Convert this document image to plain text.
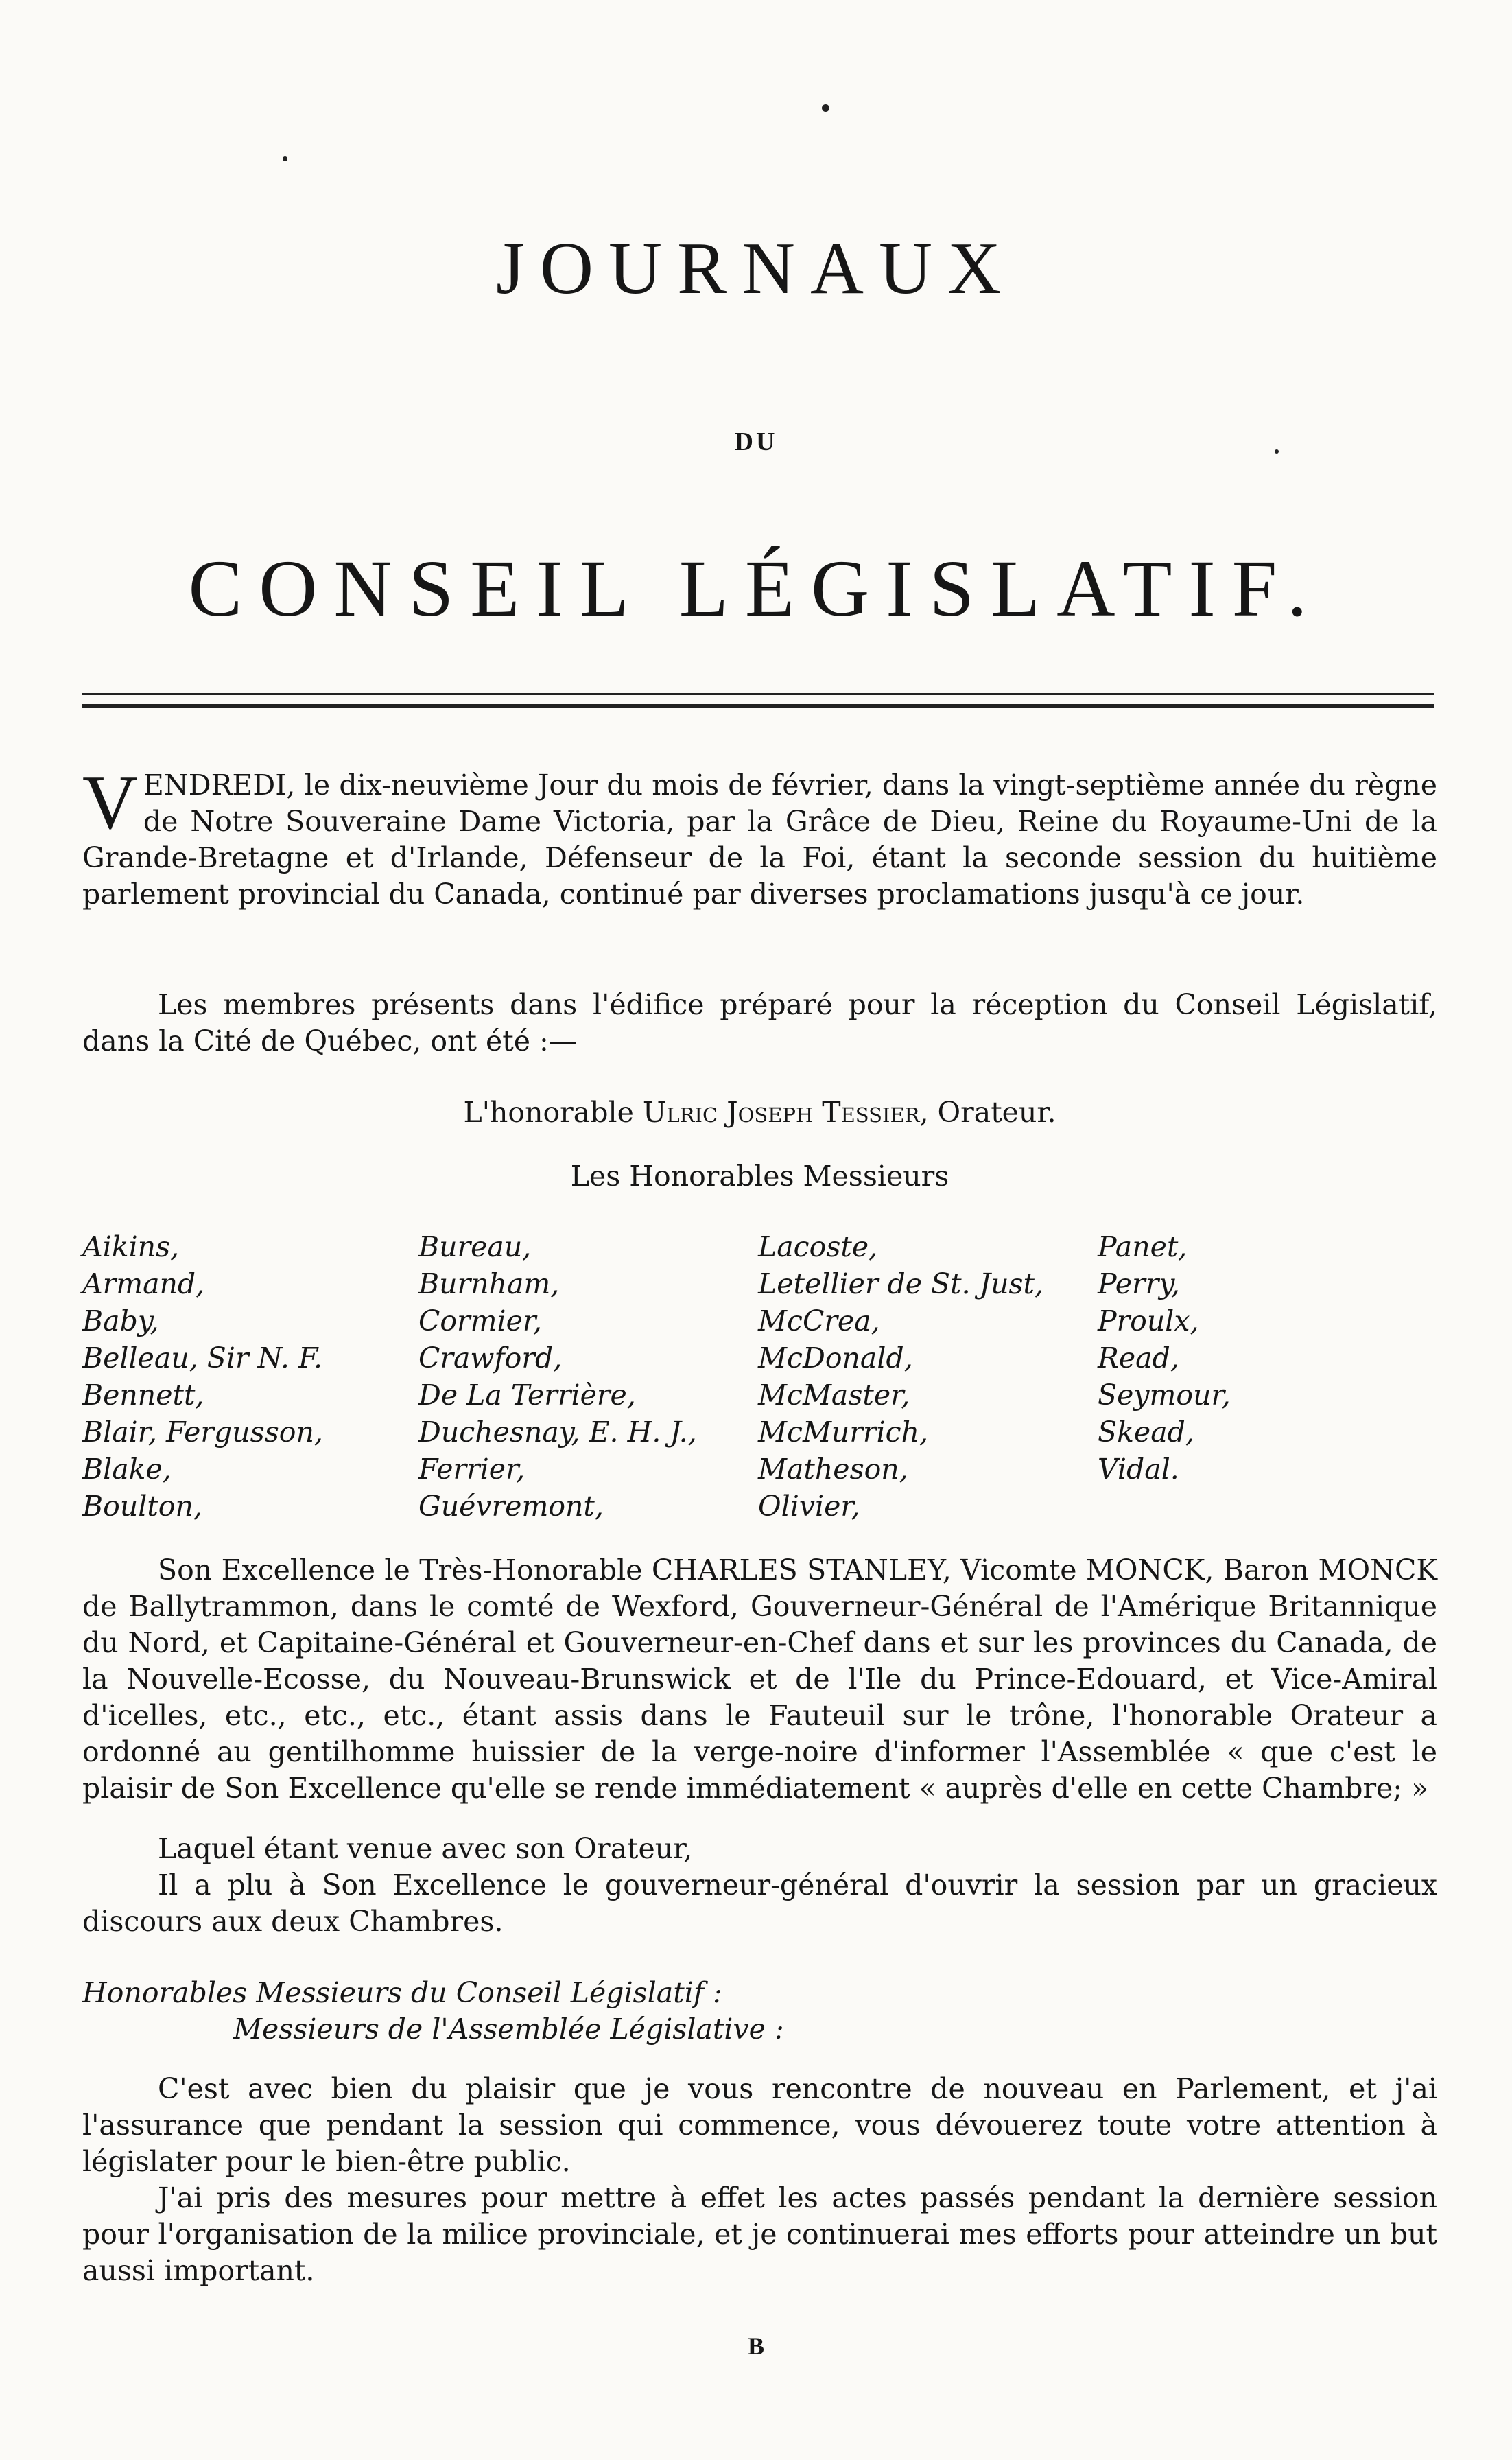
JOURNAUX
DU
CONSEIL LÉGISLATIF.

VENDREDI, le dix-neuvième Jour du mois de février, dans la vingt-septième année du règne de Notre Souveraine Dame Victoria, par la Grâce de Dieu, Reine du Royaume-Uni de la Grande-Bretagne et d'Irlande, Défenseur de la Foi, étant la seconde session du huitième parlement provincial du Canada, continué par diverses proclamations jusqu'à ce jour.

Les membres présents dans l'édifice préparé pour la réception du Conseil Législatif, dans la Cité de Québec, ont été :—

L'honorable Ulric Joseph Tessier, Orateur.
Les Honorables Messieurs
Aikins,
Armand,
Baby,
Belleau, Sir N. F.
Bennett,
Blair, Fergusson,
Blake,
Boulton,
Bureau,
Burnham,
Cormier,
Crawford,
De La Terrière,
Duchesnay, E. H. J.,
Ferrier,
Guévremont,
Lacoste,
Letellier de St. Just,
McCrea,
McDonald,
McMaster,
McMurrich,
Matheson,
Olivier,
Panet,
Perry,
Proulx,
Read,
Seymour,
Skead,
Vidal.

Son Excellence le Très-Honorable CHARLES STANLEY, Vicomte MONCK, Baron MONCK de Ballytrammon, dans le comté de Wexford, Gouverneur-Général de l'Amérique Britannique du Nord, et Capitaine-Général et Gouverneur-en-Chef dans et sur les provinces du Canada, de la Nouvelle-Ecosse, du Nouveau-Brunswick et de l'Ile du Prince-Edouard, et Vice-Amiral d'icelles, etc., etc., etc., étant assis dans le Fauteuil sur le trône, l'honorable Orateur a ordonné au gentilhomme huissier de la verge-noire d'informer l'Assemblée « que c'est le plaisir de Son Excellence qu'elle se rende immédiatement « auprès d'elle en cette Chambre; »

Laquel étant venue avec son Orateur,

Il a plu à Son Excellence le gouverneur-général d'ouvrir la session par un gracieux discours aux deux Chambres.

Honorables Messieurs du Conseil Législatif :

Messieurs de l'Assemblée Législative :

C'est avec bien du plaisir que je vous rencontre de nouveau en Parlement, et j'ai l'assurance que pendant la session qui commence, vous dévouerez toute votre attention à législater pour le bien-être public.

J'ai pris des mesures pour mettre à effet les actes passés pendant la dernière session pour l'organisation de la milice provinciale, et je continuerai mes efforts pour atteindre un but aussi important.

B
